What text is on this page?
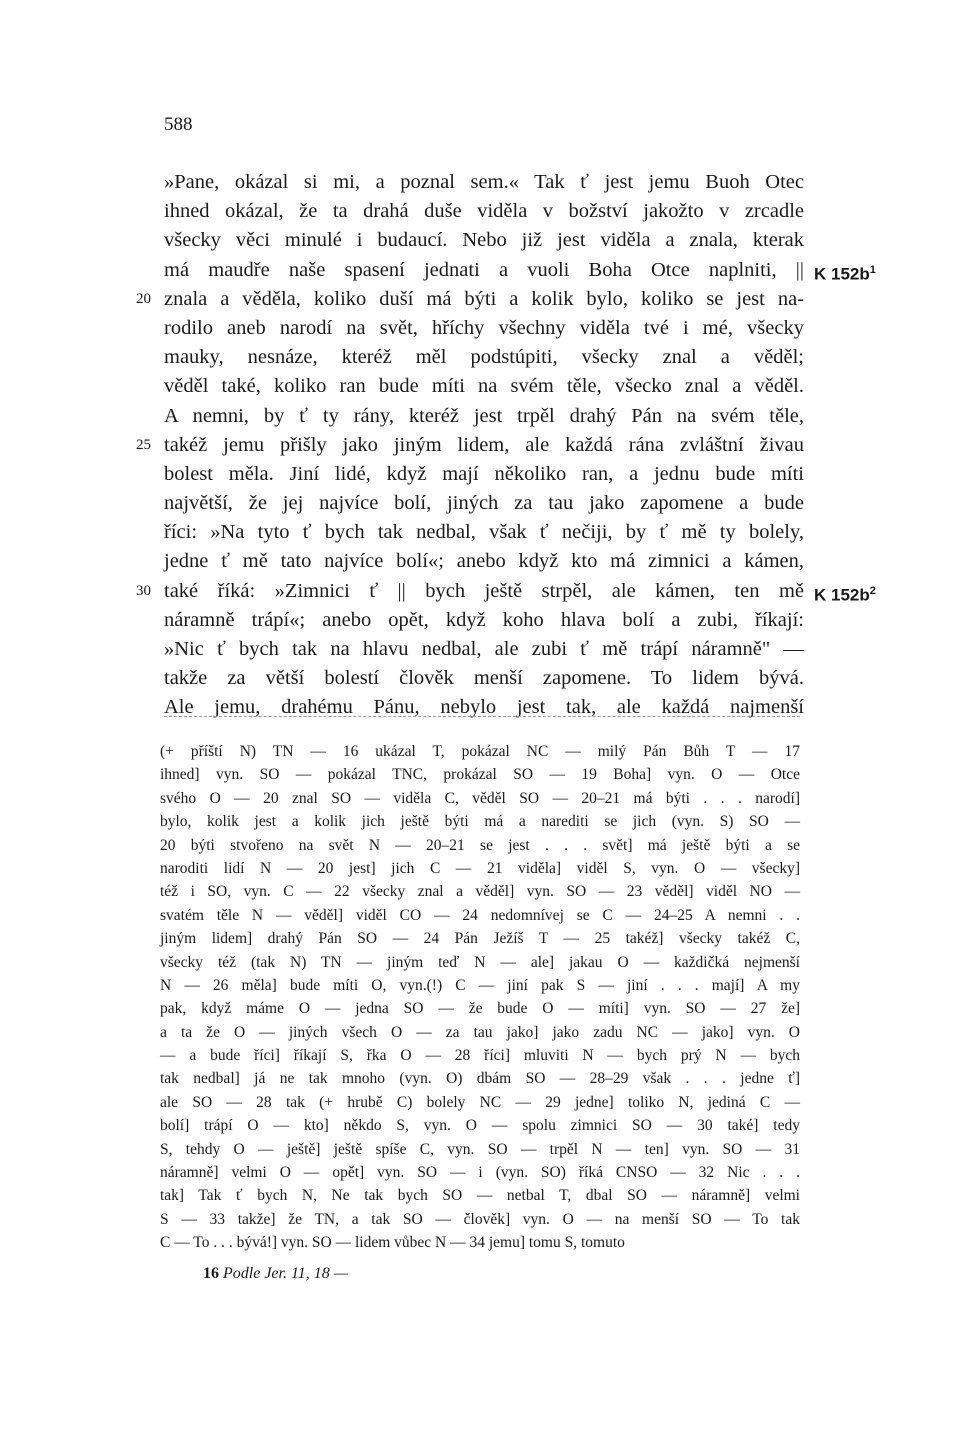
588
»Pane, okázal si mi, a poznal sem.« Tak ť jest jemu Buoh Otec
ihned okázal, že ta drahá duše viděla v božství jakožto v zrcadle
všecky věci minulé i budaucí. Nebo již jest viděla a znala, kterak
má maudře naše spasení jednati a vuoli Boha Otce naplniti, || K $152b^1$
znala a věděla, koliko duší má býti a kolik bylo, koliko se jest na-
20
rodilo aneb narodí na svět, hříchy všechny viděla tvé i mé, všecky
mauky, nesnáze, kteréž měl podstúpiti, všecky znal a věděl;
věděl také, koliko ran bude míti na svém těle, všecko znal a věděl.
A nemni, by ť ty rány, kteréž jest trpěl drahý Pán na svém těle,
takéž jemu přišly jako jiným lidem, ale každá rána zvláštní živau
25
bolest měla. Jiní lidé, když mají několiko ran, a jednu bude míti
najvětší, že jej najvíce bolí, jiných za tau jako zapomene a bude
říci: »Na tyto ť bych tak nedbal, však ť nečiji, by ť mě ty bolely,
jedne ť mě tato najvíce bolí«; anebo když kto má zimnici a kámen,
také říká: »Zimnici ť || bych ještě strpěl, ale kámen, ten mě
30	K $152b^2$
náramně trápí«; anebo opět, když koho hlava bolí a zubi, říkají:
»Nic ť bych tak na hlavu nedbal, ale zubi ť mě trápí náramně" —
takže za větší bolestí člověk menší zapomene. To lidem bývá.
Ale jemu, drahému Pánu, nebylo jest tak, ale každá najmenší
(+ příští N) TN — 16 ukázal T, pokázal NC — milý Pán Bůh T — 17
ihned] vyn. SO — pokázal TNC, prokázal SO — 19 Boha] vyn. O — Otce
svého O — 20 znal SO — viděla C, věděl SO — 20–21 má býti . . . narodí]
bylo, kolik jest a kolik jich ještě býti má a narediti se jich (vyn. S) SO —
20 býti stvořeno na svět N — 20–21 se jest . . . svět] má ještě býti a se
naroditi lidí N — 20 jest] jich C — 21 viděla] viděl S, vyn. O — všecky]
též i SO, vyn. C — 22 všecky znal a věděl] vyn. SO — 23 věděl] viděl NO —
svatém těle N — věděl] viděl CO — 24 nedomnívej se C — 24–25 A nemni . .
jiným lidem] drahý Pán SO — 24 Pán Ježíš T — 25 takéž] všecky takéž C,
všecky též (tak N) TN — jiným teď N — ale] jakau O — každičká nejmenší
N — 26 měla] bude míti O, vyn.(!) C — jiní pak S — jiní . . . mají] A my
pak, když máme O — jedna SO — že bude O — míti] vyn. SO — 27 že]
a ta že O — jiných všech O — za tau jako] jako zadu NC — jako] vyn. O
— a bude říci] říkají S, řka O — 28 říci] mluviti N — bych prý N — bych
tak nedbal] já ne tak mnoho (vyn. O) dbám SO — 28–29 však . . . jedne ť]
ale SO — 28 tak (+ hrubě C) bolely NC — 29 jedne] toliko N, jediná C —
bolí] trápí O — kto] někdo S, vyn. O — spolu zimnici SO — 30 také] tedy
S, tehdy O — ještě] ještě spíše C, vyn. SO — trpěl N — ten] vyn. SO — 31
náramně] velmi O — opět] vyn. SO — i (vyn. SO) říká CNSO — 32 Nic . . .
tak] Tak ť bych N, Ne tak bych SO — netbal T, dbal SO — náramně] velmi
S — 33 takže] že TN, a tak SO — člověk] vyn. O — na menší SO — To tak
C — To . . . bývá!] vyn. SO — lidem vůbec N — 34 jemu] tomu S, tomuto
16 Podle Jer. 11, 18 —
